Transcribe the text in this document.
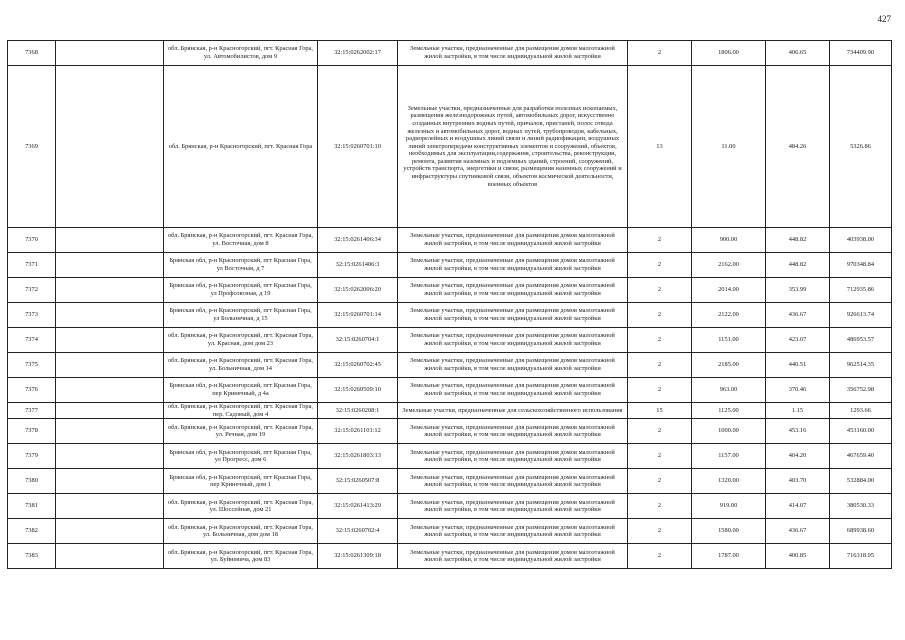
427
7368		обл. Брянская, р-н Красногорский, пгт. Красная Гора, ул. Автомобилистов, дом 9	32:15:0262002:17	Земельные участки, предназначенные для размещения домов малоэтажной жилой застройки, в том числе индивидуальной жилой застройки	2	1806.00	406.65	734409.90
7369		обл. Брянская, р-н Красногорский, пгт. Красная Гора	32:15:0260701:10	Земельные участки, предназначенные для разработки полезных ископаемых, размещения железнодорожных путей, автомобильных дорог, искусственно созданных внутренних водных путей, причалов, пристаней, полос отвода железных и автомобильных дорог, водных путей, трубопроводов, кабельных, радиорелейных и воздушных линий связи и линий радиофикации, воздушных линий электропередачи конструктивных элементов и сооружений, объектов, необходимых для эксплуатации,содержания, строительства, реконструкции, ремонта, развития наземных и подземных зданий, строений, сооружений, устройств транспорта, энергетики и связи; размещения наземных сооружений и инфраструктуры спутниковой связи, объектов космической деятельности, военных объектов	13	11.00	484.26	5326.86
7370		обл. Брянская, р-н Красногорский, пгт. Красная Гора, ул. Восточная, дом 8	32:15:0261406:34	Земельные участки, предназначенные для размещения домов малоэтажной жилой застройки, в том числе индивидуальной жилой застройки	2	900.00	448.82	403938.00
7371		Брянская обл, р-н Красногорский, пгт Красная Гора, ул Восточная, д 7	32:15:0261406:3	Земельные участки, предназначенные для размещения домов малоэтажной жилой застройки, в том числе индивидуальной жилой застройки	2	2162.00	448.82	970348.84
7372		Брянская обл, р-н Красногорский, пгт Красная Гора, ул Профсоюзная, д 19	32:15:0262006:20	Земельные участки, предназначенные для размещения домов малоэтажной жилой застройки, в том числе индивидуальной жилой застройки	2	2014.00	353.99	712935.86
7373		Брянская обл, р-н Красногорский, пгт Красная Гора, ул Больничная, д 15	32:15:0260701:14	Земельные участки, предназначенные для размещения домов малоэтажной жилой застройки, в том числе индивидуальной жилой застройки	2	2122.00	436.67	926613.74
7374		обл. Брянская, р-н Красногорский, пгт. Красная Гора, ул. Красная, дом дом 23	32:15:0260704:1	Земельные участки, предназначенные для размещения домов малоэтажной жилой застройки, в том числе индивидуальной жилой застройки	2	1151.00	423.07	486953.57
7375		обл. Брянская, р-н Красногорский, пгт. Красная Гора, ул. Больничная, дом 14	32:15:0260702:45	Земельные участки, предназначенные для размещения домов малоэтажной жилой застройки, в том числе индивидуальной жилой застройки	2	2185.00	440.51	962514.35
7376		Брянская обл, р-н Красногорский, пгт Красная Гора, пер Кринечный, д 4а	32:15:0260509:10	Земельные участки, предназначенные для размещения домов малоэтажной жилой застройки, в том числе индивидуальной жилой застройки	2	963.00	370.46	356752.98
7377		обл. Брянская, р-н Красногорский, пгт. Красная Гора, пер. Садовый, дом 4	32:15:0260208:1	Земельные участки, предназначенные для сельскохозяйственного использования	15	1125.00	1.15	1293.66
7378		обл. Брянская, р-н Красногорский, пгт. Красная Гора, ул. Речная, дом 19	32:15:0261101:12	Земельные участки, предназначенные для размещения домов малоэтажной жилой застройки, в том числе индивидуальной жилой застройки	2	1000.00	453.16	453160.00
7379		Брянская обл, р-н Красногорский, пгт Красная Гора, ул Прогресс, дом 6	32:15:0261803:13	Земельные участки, предназначенные для размещения домов малоэтажной жилой застройки, в том числе индивидуальной жилой застройки	2	1157.00	404.20	467659.40
7380		Брянская обл, р-н Красногорский, пгт Красная Гора, пер Кринечный, дом 1	32:15:0260507:8	Земельные участки, предназначенные для размещения домов малоэтажной жилой застройки, в том числе индивидуальной жилой застройки	2	1320.00	403.70	532884.00
7381		обл. Брянская, р-н Красногорский, пгт. Красная Гора, ул. Шоссейная, дом 21	32:15:0261413:29	Земельные участки, предназначенные для размещения домов малоэтажной жилой застройки, в том числе индивидуальной жилой застройки	2	919.00	414.07	380530.33
7382		обл. Брянская, р-н Красногорский, пгт. Красная Гора, ул. Больничная, дом дом 18	32:15:0260702:4	Земельные участки, предназначенные для размещения домов малоэтажной жилой застройки, в том числе индивидуальной жилой застройки	2	1580.00	436.67	689938.60
7383		обл. Брянская, р-н Красногорский, пгт. Красная Гора, ул. Буйневича, дом 83	32:15:0261309:18	Земельные участки, предназначенные для размещения домов малоэтажной жилой застройки, в том числе индивидуальной жилой застройки	2	1787.00	400.85	716318.95
